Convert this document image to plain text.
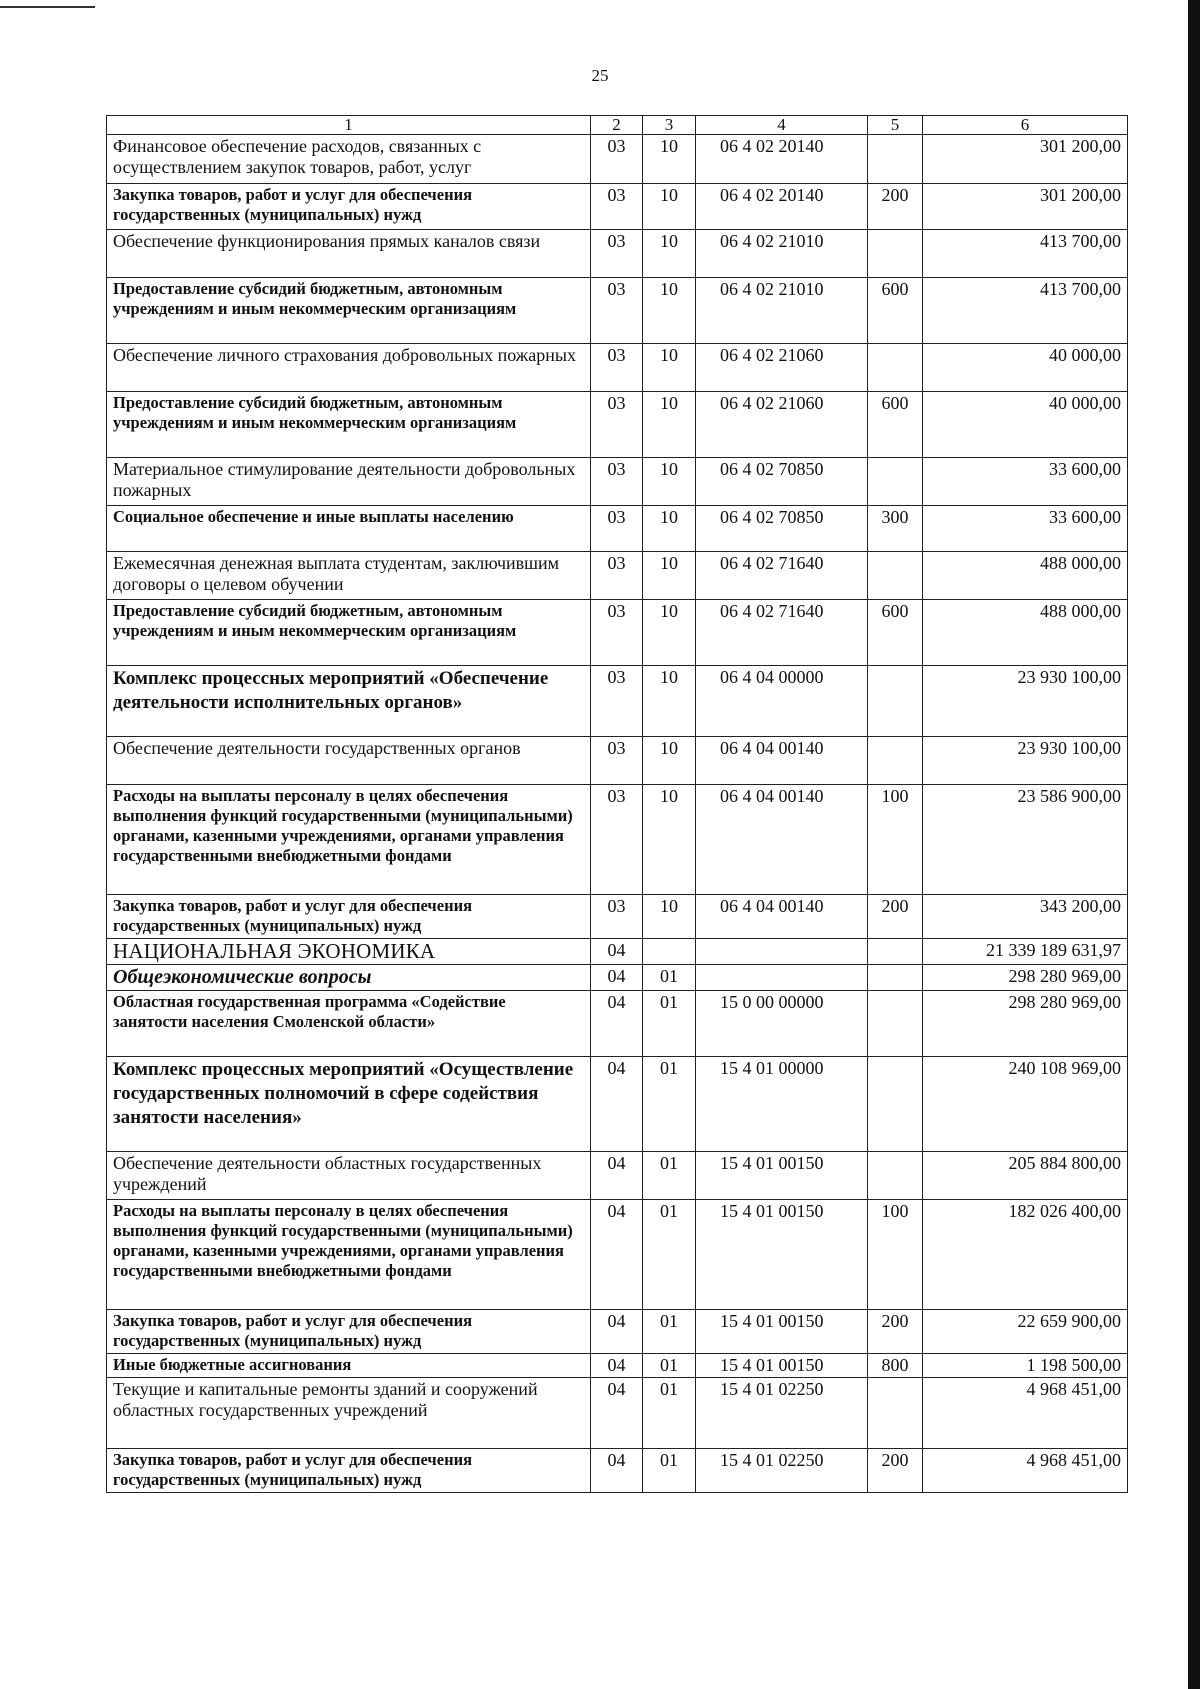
25
1	2	3	4	5	6
Финансовое обеспечение расходов, связанных с осуществлением закупок товаров, работ, услуг	03	10	06 4 02 20140		301 200,00
Закупка товаров, работ и услуг для обеспечения государственных (муниципальных) нужд	03	10	06 4 02 20140	200	301 200,00
Обеспечение функционирования прямых каналов связи	03	10	06 4 02 21010		413 700,00
Предоставление субсидий бюджетным, автономным учреждениям и иным некоммерческим организациям	03	10	06 4 02 21010	600	413 700,00
Обеспечение личного страхования добровольных пожарных	03	10	06 4 02 21060		40 000,00
Предоставление субсидий бюджетным, автономным учреждениям и иным некоммерческим организациям	03	10	06 4 02 21060	600	40 000,00
Материальное стимулирование деятельности добровольных пожарных	03	10	06 4 02 70850		33 600,00
Социальное обеспечение и иные выплаты населению	03	10	06 4 02 70850	300	33 600,00
Ежемесячная денежная выплата студентам, заключившим договоры о целевом обучении	03	10	06 4 02 71640		488 000,00
Предоставление субсидий бюджетным, автономным учреждениям и иным некоммерческим организациям	03	10	06 4 02 71640	600	488 000,00
Комплекс процессных мероприятий «Обеспечение деятельности исполнительных органов»	03	10	06 4 04 00000		23 930 100,00
Обеспечение деятельности государственных органов	03	10	06 4 04 00140		23 930 100,00
Расходы на выплаты персоналу в целях обеспечения выполнения функций государственными (муниципальными) органами, казенными учреждениями, органами управления государственными внебюджетными фондами	03	10	06 4 04 00140	100	23 586 900,00
Закупка товаров, работ и услуг для обеспечения государственных (муниципальных) нужд	03	10	06 4 04 00140	200	343 200,00
НАЦИОНАЛЬНАЯ ЭКОНОМИКА	04				21 339 189 631,97
Общеэкономические вопросы	04	01			298 280 969,00
Областная государственная программа «Содействие занятости населения Смоленской области»	04	01	15 0 00 00000		298 280 969,00
Комплекс процессных мероприятий «Осуществление государственных полномочий в сфере содействия занятости населения»	04	01	15 4 01 00000		240 108 969,00
Обеспечение деятельности областных государственных учреждений	04	01	15 4 01 00150		205 884 800,00
Расходы на выплаты персоналу в целях обеспечения выполнения функций государственными (муниципальными) органами, казенными учреждениями, органами управления государственными внебюджетными фондами	04	01	15 4 01 00150	100	182 026 400,00
Закупка товаров, работ и услуг для обеспечения государственных (муниципальных) нужд	04	01	15 4 01 00150	200	22 659 900,00
Иные бюджетные ассигнования	04	01	15 4 01 00150	800	1 198 500,00
Текущие и капитальные ремонты зданий и сооружений областных государственных учреждений	04	01	15 4 01 02250		4 968 451,00
Закупка товаров, работ и услуг для обеспечения государственных (муниципальных) нужд	04	01	15 4 01 02250	200	4 968 451,00
